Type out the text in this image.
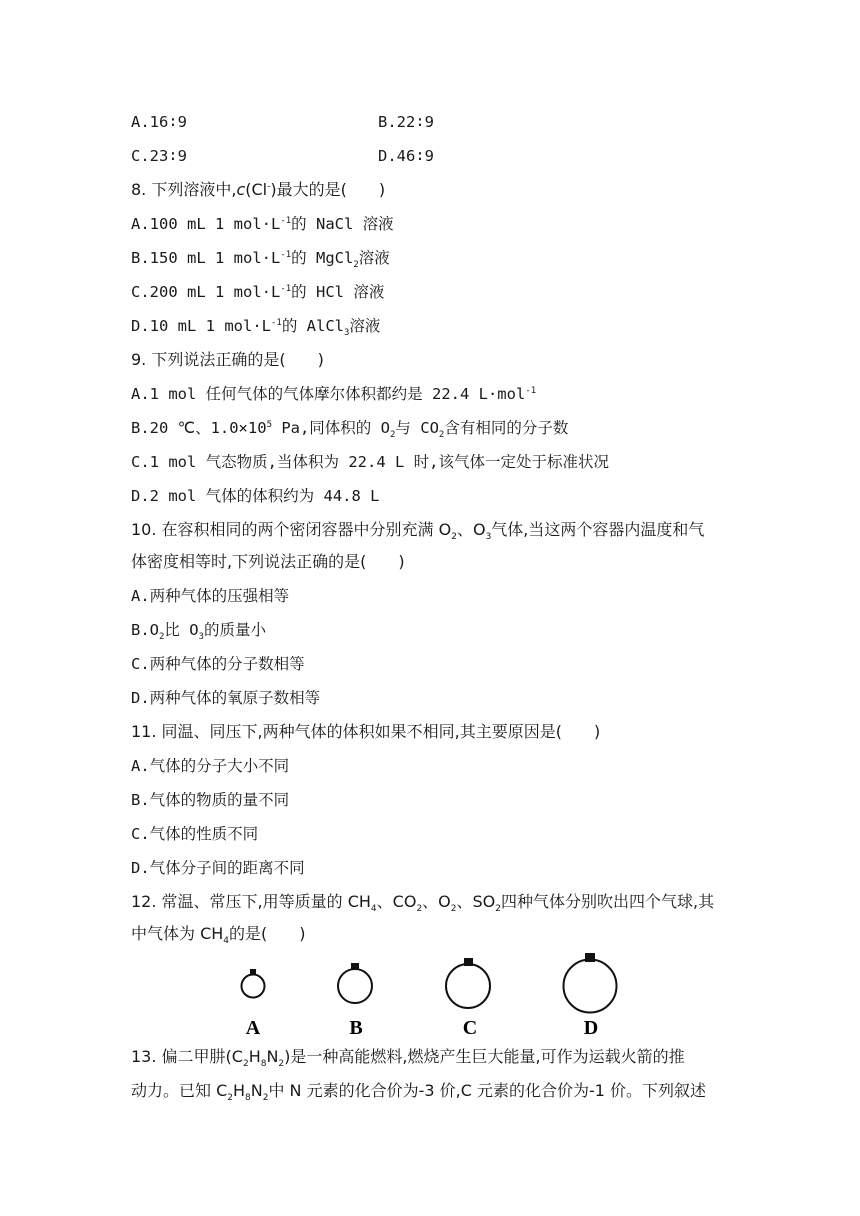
A.16∶9	B.22∶9
C.23∶9	D.46∶9
8. 下列溶液中,c(Cl-)最大的是(　　)
A.100 mL 1 $mol\cdot L^{-1}$的 NaCl 溶液
B.150 mL 1 $mol\cdot L^{-1}$的 MgCl$_2$溶液
C.200 mL 1 $mol\cdot L^{-1}$的 HCl 溶液
D.10 mL 1 $mol\cdot L^{-1}$的 AlCl$_3$溶液
9. 下列说法正确的是(　　)
A.1 mol 任何气体的气体摩尔体积都约是 22.4 L·mol$^{-1}$
B.20 ℃、$1.0\times 10^5$ Pa,同体积的 $O_2$与 $CO_2$含有相同的分子数
C.1 mol 气态物质,当体积为 22.4 L 时,该气体一定处于标准状况
D.2 mol 气体的体积约为 44.8 L
10. 在容积相同的两个密闭容器中分别充满 $O_2$、$O_3$气体,当这两个容器内温度和气
体密度相等时,下列说法正确的是(　　)
A.两种气体的压强相等
$B.O_2$比 $O_3$的质量小
C.两种气体的分子数相等
D.两种气体的氧原子数相等
11. 同温、同压下,两种气体的体积如果不相同,其主要原因是(　　)
A.气体的分子大小不同
B.气体的物质的量不同
C.气体的性质不同
D.气体分子间的距离不同
12. 常温、常压下,用等质量的 $CH_4$、$CO_2$、$O_2$、$SO_2$四种气体分别吹出四个气球,其
中气体为 $CH_4$的是(　　)
A	B	C	D
13. 偏二甲肼$(C_2H_8N_2)$是一种高能燃料,燃烧产生巨大能量,可作为运载火箭的推
动力。已知 $C_2H_8N_2$中 N 元素的化合价为-3 价,C 元素的化合价为-1 价。下列叙述
